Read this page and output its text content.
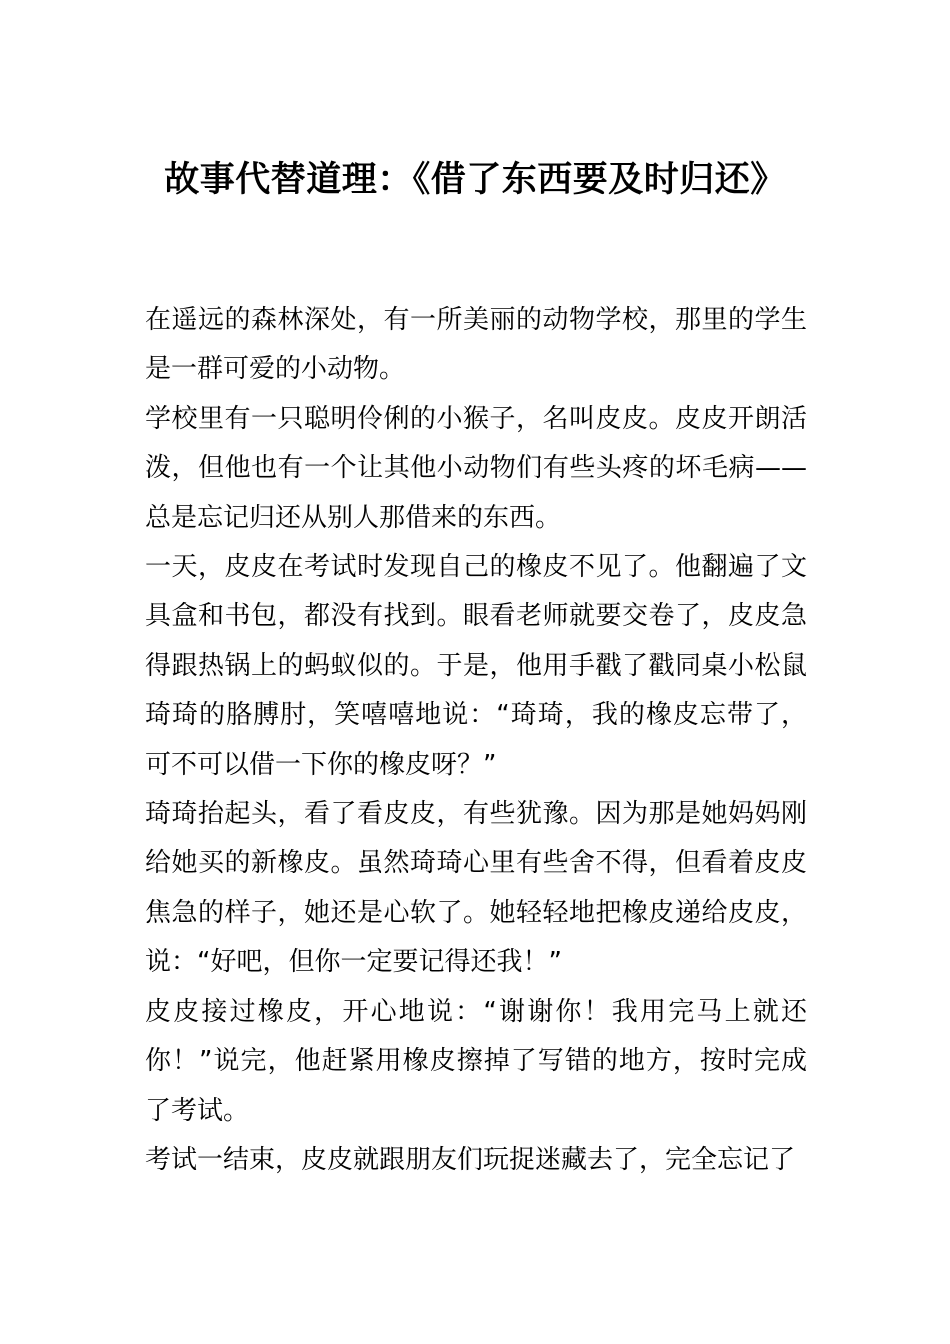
故事代替道理：《借了东西要及时归还》

在遥远的森林深处，有一所美丽的动物学校，那里的学生是一群可爱的小动物。

学校里有一只聪明伶俐的小猴子，名叫皮皮。皮皮开朗活泼，但他也有一个让其他小动物们有些头疼的坏毛病——总是忘记归还从别人那借来的东西。

一天，皮皮在考试时发现自己的橡皮不见了。他翻遍了文具盒和书包，都没有找到。眼看老师就要交卷了，皮皮急得跟热锅上的蚂蚁似的。于是，他用手戳了戳同桌小松鼠琦琦的胳膊肘，笑嘻嘻地说：“琦琦，我的橡皮忘带了，可不可以借一下你的橡皮呀？”

琦琦抬起头，看了看皮皮，有些犹豫。因为那是她妈妈刚给她买的新橡皮。虽然琦琦心里有些舍不得，但看着皮皮焦急的样子，她还是心软了。她轻轻地把橡皮递给皮皮，说：“好吧，但你一定要记得还我！”

皮皮接过橡皮，开心地说：“谢谢你！我用完马上就还你！”说完，他赶紧用橡皮擦掉了写错的地方，按时完成了考试。

考试一结束，皮皮就跟朋友们玩捉迷藏去了，完全忘记了
